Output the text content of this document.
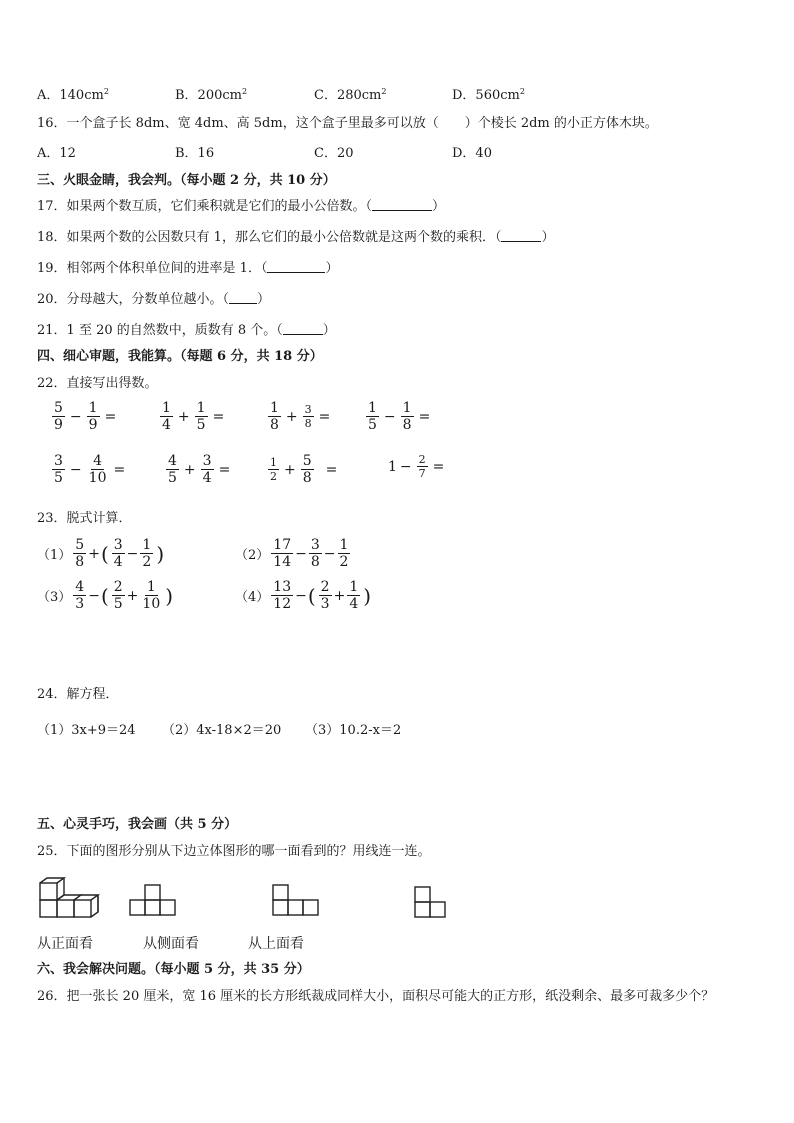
A．$140cm^2$	B．$200cm^2$	C．$280cm^2$	D．$560cm^2$
16．一个盒子长 8dm、宽 4dm、高 5dm，这个盒子里最多可以放（　　）个棱长 2dm 的小正方体木块。
A．12	B．16	C．20	D．40
三、火眼金睛，我会判。（每小题 2 分，共 10 分）
17．如果两个数互质，它们乘积就是它们的最小公倍数。（	）
18．如果两个数的公因数只有 1，那么它们的最小公倍数就是这两个数的乘积．（	）
19．相邻两个体积单位间的进率是 1．（	）
20．分母越大，分数单位越小。（ ）
21．1 至 20 的自然数中，质数有 8 个。（	）
四、细心审题，我能算。（每题 6 分，共 18 分）
22．直接写出得数。
$\frac{5}{9} - \frac{1}{9}$ =	$\frac{1}{4} + \frac{1}{5}$ =	$\frac{1}{8} + \frac{3}{8}$ =	$\frac{1}{5} - \frac{1}{8}$ =
$\frac{3}{5} - \frac{4}{10}$ =	$\frac{4}{5} + \frac{3}{4}$ =	$\frac{1}{2} + \frac{5}{8}$ =	$1 - \frac{2}{7}$ =
23．脱式计算．
$(1) \frac{5}{8}$ + ( $\frac{3}{4} - \frac{1}{2}$ )	$(2) \frac{17}{14} - \frac{3}{8} - \frac{1}{2}$
$(3) \frac{4}{3}$ − ( $\frac{2}{5} + \frac{1}{10}$ )	$(4) \frac{13}{12}$ − ( $\frac{2}{3} + \frac{1}{4}$ )
24．解方程．
（1）3x+9＝24 （2）4x-18×2＝20 （3）10.2-x＝2
五、心灵手巧，我会画（共 5 分）
25．下面的图形分别从下边立体图形的哪一面看到的？用线连一连。
从正面看	从侧面看	从上面看
六、我会解决问题。（每小题 5 分，共 35 分）
26．把一张长 20 厘米，宽 16 厘米的长方形纸裁成同样大小，面积尽可能大的正方形，纸没剩余、最多可裁多少个？
